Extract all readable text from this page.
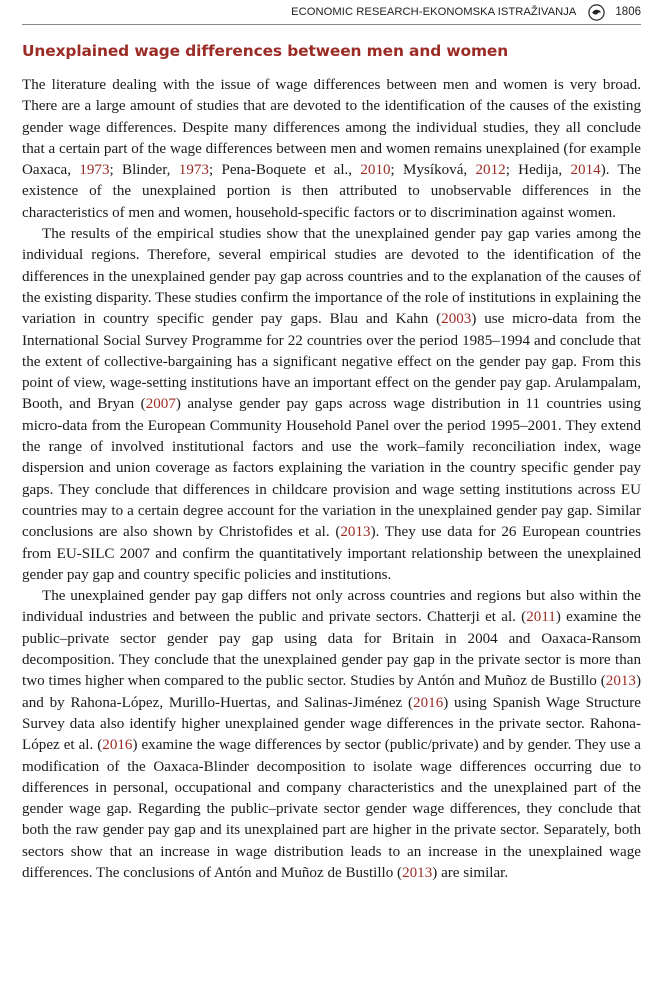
ECONOMIC RESEARCH-EKONOMSKA ISTRAŽIVANJA	1806
Unexplained wage differences between men and women

The literature dealing with the issue of wage differences between men and women is very broad. There are a large amount of studies that are devoted to the identification of the causes of the existing gender wage differences. Despite many differences among the individual studies, they all conclude that a certain part of the wage differences between men and women remains unexplained (for example Oaxaca, 1973; Blinder, 1973; Pena-Boquete et al., 2010; Mysíková, 2012; Hedija, 2014). The existence of the unexplained portion is then attributed to unobservable differences in the characteristics of men and women, household-specific factors or to discrimination against women.

The results of the empirical studies show that the unexplained gender pay gap varies among the individual regions. Therefore, several empirical studies are devoted to the identification of the differences in the unexplained gender pay gap across countries and to the explanation of the causes of the existing disparity. These studies confirm the importance of the role of institutions in explaining the variation in country specific gender pay gaps. Blau and Kahn (2003) use micro-data from the International Social Survey Programme for 22 countries over the period 1985–1994 and conclude that the extent of collective-bargaining has a significant negative effect on the gender pay gap. From this point of view, wage-setting institutions have an important effect on the gender pay gap. Arulampalam, Booth, and Bryan (2007) analyse gender pay gaps across wage distribution in 11 countries using micro-data from the European Community Household Panel over the period 1995–2001. They extend the range of involved institutional factors and use the work–family reconciliation index, wage dispersion and union coverage as factors explaining the variation in the country specific gender pay gaps. They conclude that differences in childcare provision and wage setting institutions across EU countries may to a certain degree account for the variation in the unexplained gender pay gap. Similar conclusions are also shown by Christofides et al. (2013). They use data for 26 European countries from EU-SILC 2007 and confirm the quantitatively important relationship between the unexplained gender pay gap and country specific policies and institutions.

The unexplained gender pay gap differs not only across countries and regions but also within the individual industries and between the public and private sectors. Chatterji et al. (2011) examine the public–private sector gender pay gap using data for Britain in 2004 and Oaxaca-Ransom decomposition. They conclude that the unexplained gender pay gap in the private sector is more than two times higher when compared to the public sector. Studies by Antón and Muñoz de Bustillo (2013) and by Rahona-López, Murillo-Huertas, and Salinas-Jiménez (2016) using Spanish Wage Structure Survey data also identify higher unexplained gender wage differences in the private sector. Rahona-López et al. (2016) examine the wage differences by sector (public/private) and by gender. They use a modification of the Oaxaca-Blinder decomposition to isolate wage differences occurring due to differences in personal, occupational and company characteristics and the unexplained part of the gender wage gap. Regarding the public–private sector gender wage differences, they conclude that both the raw gender pay gap and its unexplained part are higher in the private sector. Separately, both sectors show that an increase in wage distribution leads to an increase in the unexplained wage differences. The conclusions of Antón and Muñoz de Bustillo (2013) are similar.
